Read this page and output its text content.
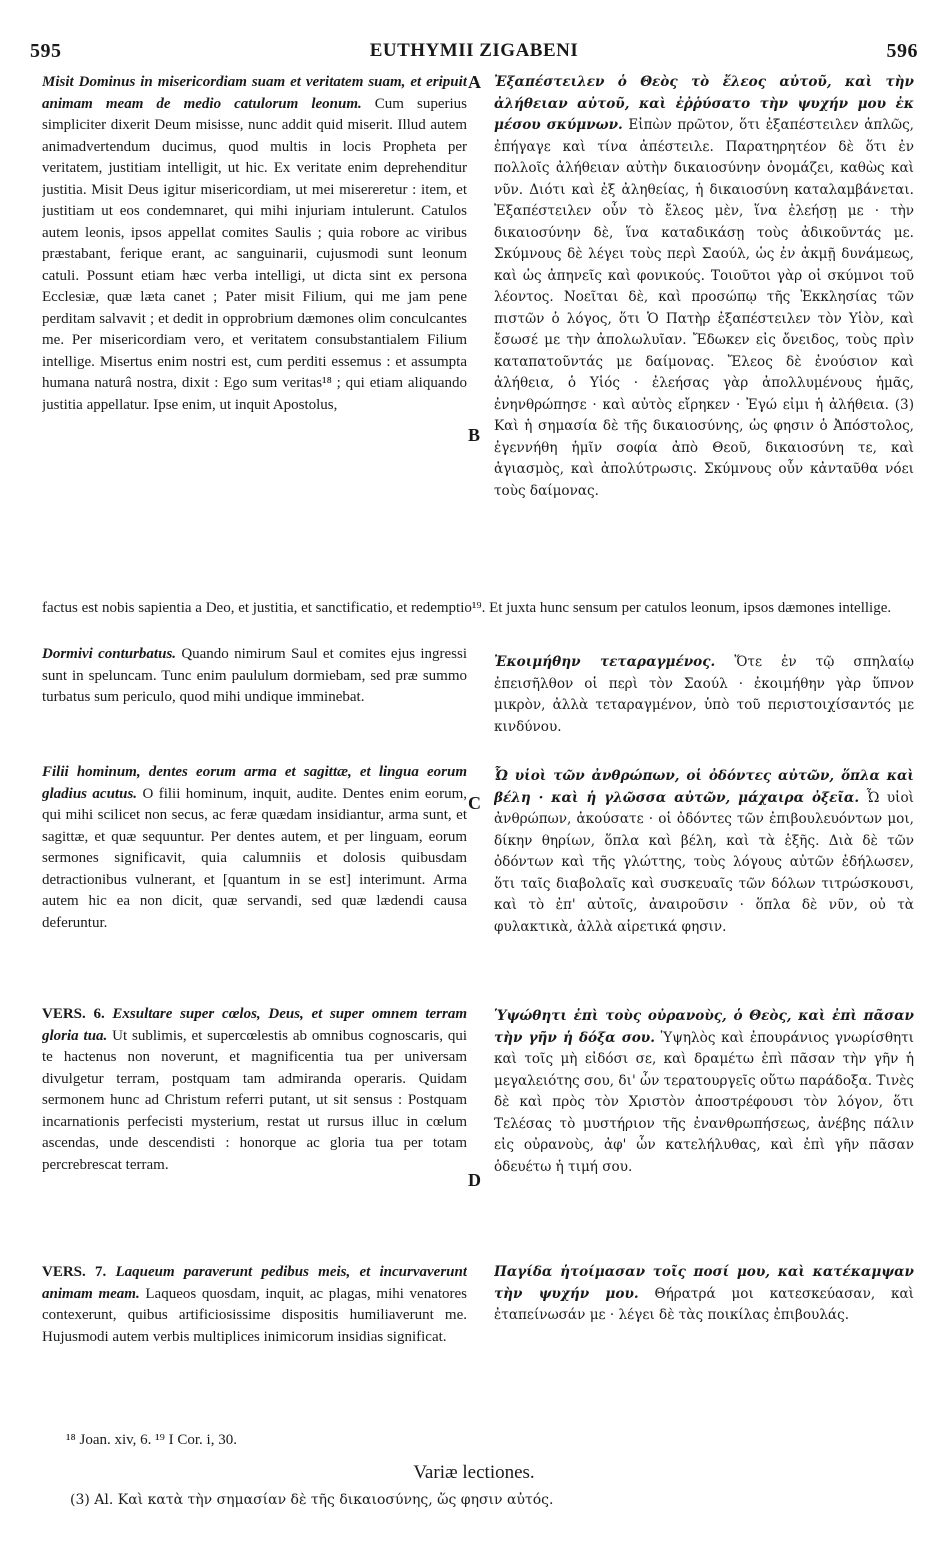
595	EUTHYMII ZIGABENI	596
A
B
C
D
Misit Dominus in misericordiam suam et veritatem suam, et eripuit animam meam de medio catulorum leonum. Cum superius simpliciter dixerit Deum misisse, nunc addit quid miserit. Illud autem animadvertendum ducimus, quod multis in locis Propheta per veritatem, justitiam intelligit, ut hic. Ex veritate enim deprehenditur justitia. Misit Deus igitur misericordiam, ut mei misereretur : item, et justitiam ut eos condemnaret, qui mihi injuriam intulerunt. Catulos autem leonis, ipsos appellat comites Saulis ; quia robore ac viribus præstabant, ferique erant, ac sanguinarii, cujusmodi sunt leonum catuli. Possunt etiam hæc verba intelligi, ut dicta sint ex persona Ecclesiæ, quæ læta canet ; Pater misit Filium, qui me jam pene perditam salvavit ; et dedit in opprobrium dæmones olim conculcantes me. Per misericordiam vero, et veritatem consubstantialem Filium intellige. Misertus enim nostri est, cum perditi essemus : et assumpta humana naturâ nostra, dixit : Ego sum veritas¹⁸ ; qui etiam aliquando justitia appellatur. Ipse enim, ut inquit Apostolus,
Ἐξαπέστειλεν ὁ Θεὸς τὸ ἔλεος αὐτοῦ, καὶ τὴν ἀλήθειαν αὐτοῦ, καὶ ἐῤῥύσατο τὴν ψυχήν μου ἐκ μέσου σκύμνων. Εἰπὼν πρῶτον, ὅτι ἐξαπέστειλεν ἁπλῶς, ἐπήγαγε καὶ τίνα ἀπέστειλε. Παρατηρητέον δὲ ὅτι ἐν πολλοῖς ἀλήθειαν αὐτὴν δικαιοσύνην ὀνομάζει, καθὼς καὶ νῦν. Διότι καὶ ἐξ ἀληθείας, ἡ δικαιοσύνη καταλαμβάνεται. Ἐξαπέστειλεν οὖν τὸ ἔλεος μὲν, ἵνα ἐλεήσῃ με · τὴν δικαιοσύνην δὲ, ἵνα καταδικάσῃ τοὺς ἀδικοῦντάς με. Σκύμνους δὲ λέγει τοὺς περὶ Σαούλ, ὡς ἐν ἀκμῇ δυνάμεως, καὶ ὡς ἀπηνεῖς καὶ φονικούς. Τοιοῦτοι γὰρ οἱ σκύμνοι τοῦ λέοντος. Νοεῖται δὲ, καὶ προσώπῳ τῆς Ἐκκλησίας τῶν πιστῶν ὁ λόγος, ὅτι Ὁ Πατὴρ ἐξαπέστειλεν τὸν Υἱὸν, καὶ ἔσωσέ με τὴν ἀπολωλυῖαν. Ἔδωκεν εἰς ὄνειδος, τοὺς πρὶν καταπατοῦντάς με δαίμονας. Ἔλεος δὲ ἐνούσιον καὶ ἀλήθεια, ὁ Υἱός · ἐλεήσας γὰρ ἀπολλυμένους ἡμᾶς, ἐνηνθρώπησε · καὶ αὐτὸς εἴρηκεν · Ἐγώ εἰμι ἡ ἀλήθεια. (3) Καὶ ἡ σημασία δὲ τῆς δικαιοσύνης, ὡς φησιν ὁ Ἀπόστολος, ἐγεννήθη ἡμῖν σοφία ἀπὸ Θεοῦ, δικαιοσύνη τε, καὶ ἁγιασμὸς, καὶ ἀπολύτρωσις. Σκύμνους οὖν κἀνταῦθα νόει τοὺς δαίμονας.
factus est nobis sapientia a Deo, et justitia, et sanctificatio, et redemptio¹⁹. Et juxta hunc sensum per catulos leonum, ipsos dæmones intellige.
Dormivi conturbatus. Quando nimirum Saul et comites ejus ingressi sunt in speluncam. Tunc enim paululum dormiebam, sed præ summo turbatus sum periculo, quod mihi undique imminebat.
Ἐκοιμήθην τεταραγμένος. Ὅτε ἐν τῷ σπηλαίῳ ἐπεισῆλθον οἱ περὶ τὸν Σαούλ · ἐκοιμήθην γὰρ ὕπνον μικρὸν, ἀλλὰ τεταραγμένον, ὑπὸ τοῦ περιστοιχίσαντός με κινδύνου.
Filii hominum, dentes eorum arma et sagittæ, et lingua eorum gladius acutus. O filii hominum, inquit, audite. Dentes enim eorum, qui mihi scilicet non secus, ac feræ quædam insidiantur, arma sunt, et sagittæ, et quæ sequuntur. Per dentes autem, et per linguam, eorum sermones significavit, quia calumniis et dolosis quibusdam detractionibus vulnerant, et [quantum in se est] interimunt. Arma autem hic ea non dicit, quæ servandi, sed quæ lædendi causa deferuntur.
Ὦ υἱοὶ τῶν ἀνθρώπων, οἱ ὀδόντες αὐτῶν, ὅπλα καὶ βέλη · καὶ ἡ γλῶσσα αὐτῶν, μάχαιρα ὀξεῖα. Ὦ υἱοὶ ἀνθρώπων, ἀκούσατε · οἱ ὀδόντες τῶν ἐπιβουλευόντων μοι, δίκην θηρίων, ὅπλα καὶ βέλη, καὶ τὰ ἑξῆς. Διὰ δὲ τῶν ὀδόντων καὶ τῆς γλώττης, τοὺς λόγους αὐτῶν ἐδήλωσεν, ὅτι ταῖς διαβολαῖς καὶ συσκευαῖς τῶν δόλων τιτρώσκουσι, καὶ τὸ ἐπ' αὐτοῖς, ἀναιροῦσιν · ὅπλα δὲ νῦν, οὐ τὰ φυλακτικὰ, ἀλλὰ αἱρετικά φησιν.
VERS. 6. Exsultare super cœlos, Deus, et super omnem terram gloria tua. Ut sublimis, et supercœlestis ab omnibus cognoscaris, qui te hactenus non noverunt, et magnificentia tua per universam divulgetur terram, postquam tam admiranda operaris. Quidam sermonem hunc ad Christum referri putant, ut sit sensus : Postquam incarnationis perfecisti mysterium, restat ut rursus illuc in cœlum ascendas, unde descendisti : honorque ac gloria tua per totam percrebrescat terram.
Ὑψώθητι ἐπὶ τοὺς οὐρανοὺς, ὁ Θεὸς, καὶ ἐπὶ πᾶσαν τὴν γῆν ἡ δόξα σου. Ὑψηλὸς καὶ ἐπουράνιος γνωρίσθητι καὶ τοῖς μὴ εἰδόσι σε, καὶ δραμέτω ἐπὶ πᾶσαν τὴν γῆν ἡ μεγαλειότης σου, δι' ὧν τερατουργεῖς οὕτω παράδοξα. Τινὲς δὲ καὶ πρὸς τὸν Χριστὸν ἀποστρέφουσι τὸν λόγον, ὅτι Τελέσας τὸ μυστήριον τῆς ἐνανθρωπήσεως, ἀνέβης πάλιν εἰς οὐρανοὺς, ἀφ' ὧν κατελήλυθας, καὶ ἐπὶ γῆν πᾶσαν ὁδευέτω ἡ τιμή σου.
VERS. 7. Laqueum paraverunt pedibus meis, et incurvaverunt animam meam. Laqueos quosdam, inquit, ac plagas, mihi venatores contexerunt, quibus artificiosissime dispositis humiliaverunt me. Hujusmodi autem verbis multiplices inimicorum insidias significat.
Παγίδα ἡτοίμασαν τοῖς ποσί μου, καὶ κατέκαμψαν τὴν ψυχήν μου. Θήρατρά μοι κατεσκεύασαν, καὶ ἐταπείνωσάν με · λέγει δὲ τὰς ποικίλας ἐπιβουλάς.
¹⁸ Joan. xiv, 6. ¹⁹ I Cor. i, 30.
Variæ lectiones.
(3) Al. Καὶ κατὰ τὴν σημασίαν δὲ τῆς δικαιοσύνης, ὥς φησιν αὐτός.
